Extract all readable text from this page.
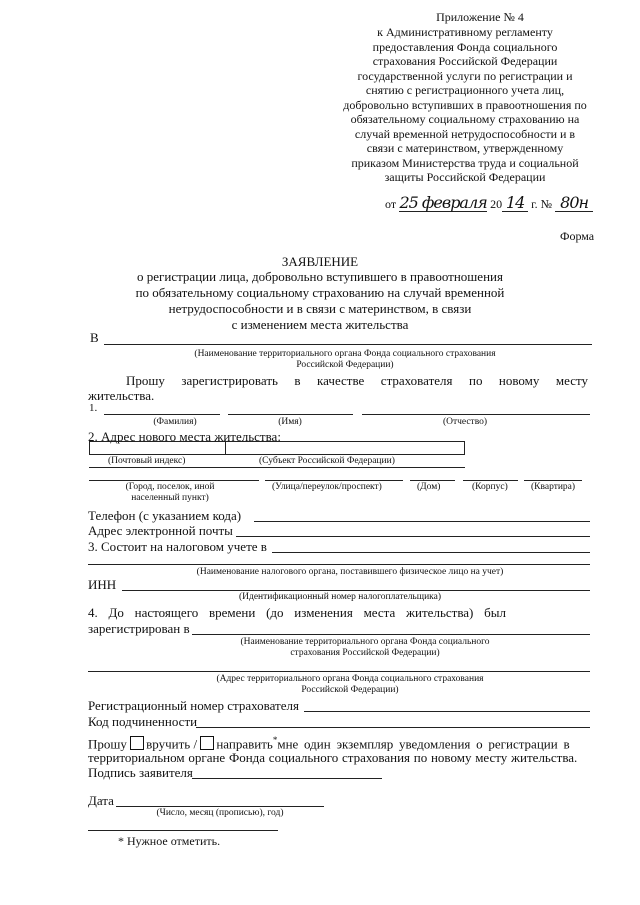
Приложение № 4
к Административному регламенту
предоставления Фонда социального
страхования Российской Федерации
государственной услуги по регистрации и
снятию с регистрационного учета лиц,
добровольно вступивших в правоотношения по
обязательному социальному страхованию на
случай временной нетрудоспособности и в
связи с материнством, утвержденному
приказом Министерства труда и социальной
защиты Российской Федерации
от 25 февраля 20 14 г. № 80н
Форма
ЗАЯВЛЕНИЕ
о регистрации лица, добровольно вступившего в правоотношения
по обязательному социальному страхованию на случай временной
нетрудоспособности и в связи с материнством, в связи
с изменением места жительства
В
(Наименование территориального органа Фонда социального страхования
Российской Федерации)
Прошу зарегистрировать в качестве страхователя по новому месту
жительства.
1.
(Фамилия)	(Имя)	(Отчество)
2. Адрес нового места жительства:
(Почтовый индекс)	(Субъект Российской Федерации)
(Город, поселок, иной
населенный пункт)
(Улица/переулок/проспект)	(Дом)	(Корпус) (Квартира)
Телефон (с указанием кода)
Адрес электронной почты
3. Состоит на налоговом учете в
(Наименование налогового органа, поставившего физическое лицо на учет)
ИНН
(Идентификационный номер налогоплательщика)
4. До настоящего времени (до изменения места жительства) был
зарегистрирован в
(Наименование территориального органа Фонда социального
страхования Российской Федерации)
(Адрес территориального органа Фонда социального страхования
Российской Федерации)
Регистрационный номер страхователя
Код подчиненности
Прошу вручить / направить*мне один экземпляр уведомления о регистрации в
территориальном органе Фонда социального страхования по новому месту жительства.
Подпись заявителя
Дата
(Число, месяц (прописью), год)
* Нужное отметить.
